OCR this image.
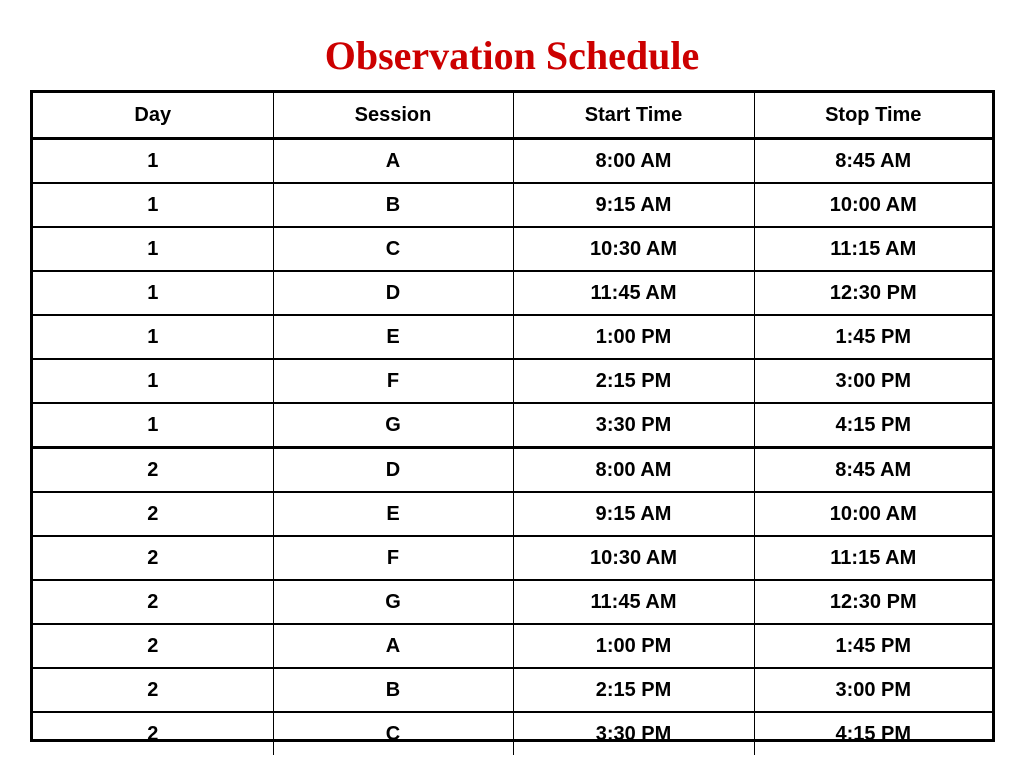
Observation Schedule
Day	Session	Start Time	Stop Time
1	A	8:00 AM	8:45 AM
1	B	9:15 AM	10:00 AM
1	C	10:30 AM	11:15 AM
1	D	11:45 AM	12:30 PM
1	E	1:00 PM	1:45 PM
1	F	2:15 PM	3:00 PM
1	G	3:30 PM	4:15 PM
2	D	8:00 AM	8:45 AM
2	E	9:15 AM	10:00 AM
2	F	10:30 AM	11:15 AM
2	G	11:45 AM	12:30 PM
2	A	1:00 PM	1:45 PM
2	B	2:15 PM	3:00 PM
2	C	3:30 PM	4:15 PM
